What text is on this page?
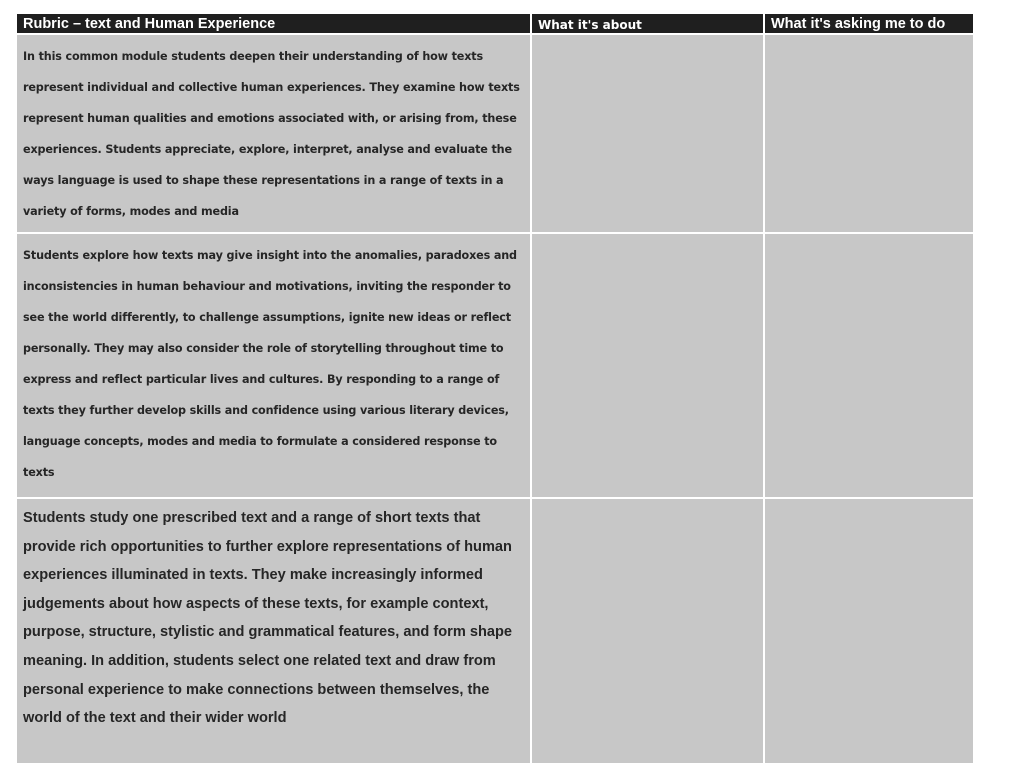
Rubric – text and Human Experience	What it's about	What it's asking me to do

In this common module students deepen their understanding of how texts represent individual and collective human experiences. They examine how texts represent human qualities and emotions associated with, or arising from, these experiences. Students appreciate, explore, interpret, analyse and evaluate the ways language is used to shape these representations in a range of texts in a variety of forms, modes and media

Students explore how texts may give insight into the anomalies, paradoxes and inconsistencies in human behaviour and motivations, inviting the responder to see the world differently, to challenge assumptions, ignite new ideas or reflect personally. They may also consider the role of storytelling throughout time to express and reflect particular lives and cultures. By responding to a range of texts they further develop skills and confidence using various literary devices, language concepts, modes and media to formulate a considered response to texts

Students study one prescribed text and a range of short texts that provide rich opportunities to further explore representations of human experiences illuminated in texts. They make increasingly informed judgements about how aspects of these texts, for example context, purpose, structure, stylistic and grammatical features, and form shape meaning. In addition, students select one related text and draw from personal experience to make connections between themselves, the world of the text and their wider world
